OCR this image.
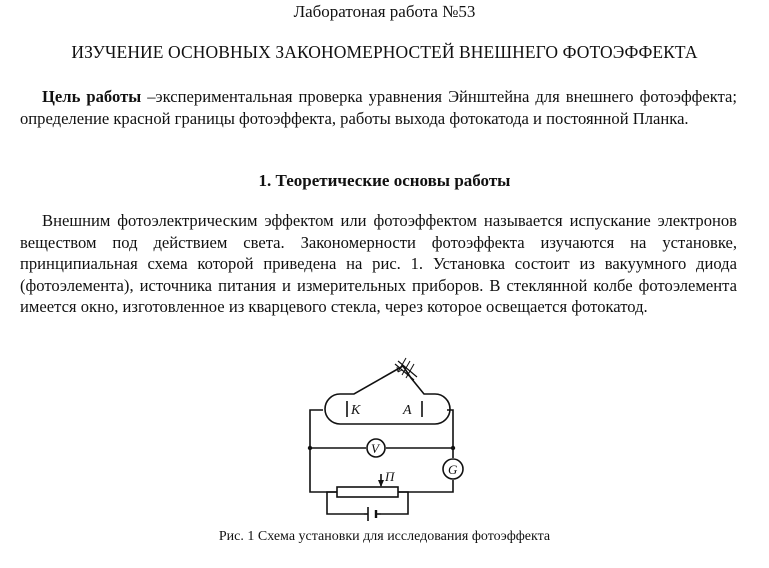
Лаборатоная работа №53
ИЗУЧЕНИЕ ОСНОВНЫХ ЗАКОНОМЕРНОСТЕЙ ВНЕШНЕГО ФОТОЭФФЕКТА

Цель работы –экспериментальная проверка уравнения Эйнштейна для внешнего фотоэффекта; определение красной границы фотоэффекта, работы выхода фотокатода и постоянной Планка.

1. Теоретические основы работы

Внешним фотоэлектрическим эффектом или фотоэффектом называется испускание электронов веществом под действием света. Закономерности фотоэффекта изучаются на установке, принципиальная схема которой приведена на рис. 1. Установка состоит из вакуумного диода (фотоэлемента), источника питания и измерительных приборов. В стеклянной колбе фотоэлемента имеется окно, изготовленное из кварцевого стекла, через которое освещается фотокатод.

K	A
V
G
П
Рис. 1 Схема установки для исследования фотоэффекта
